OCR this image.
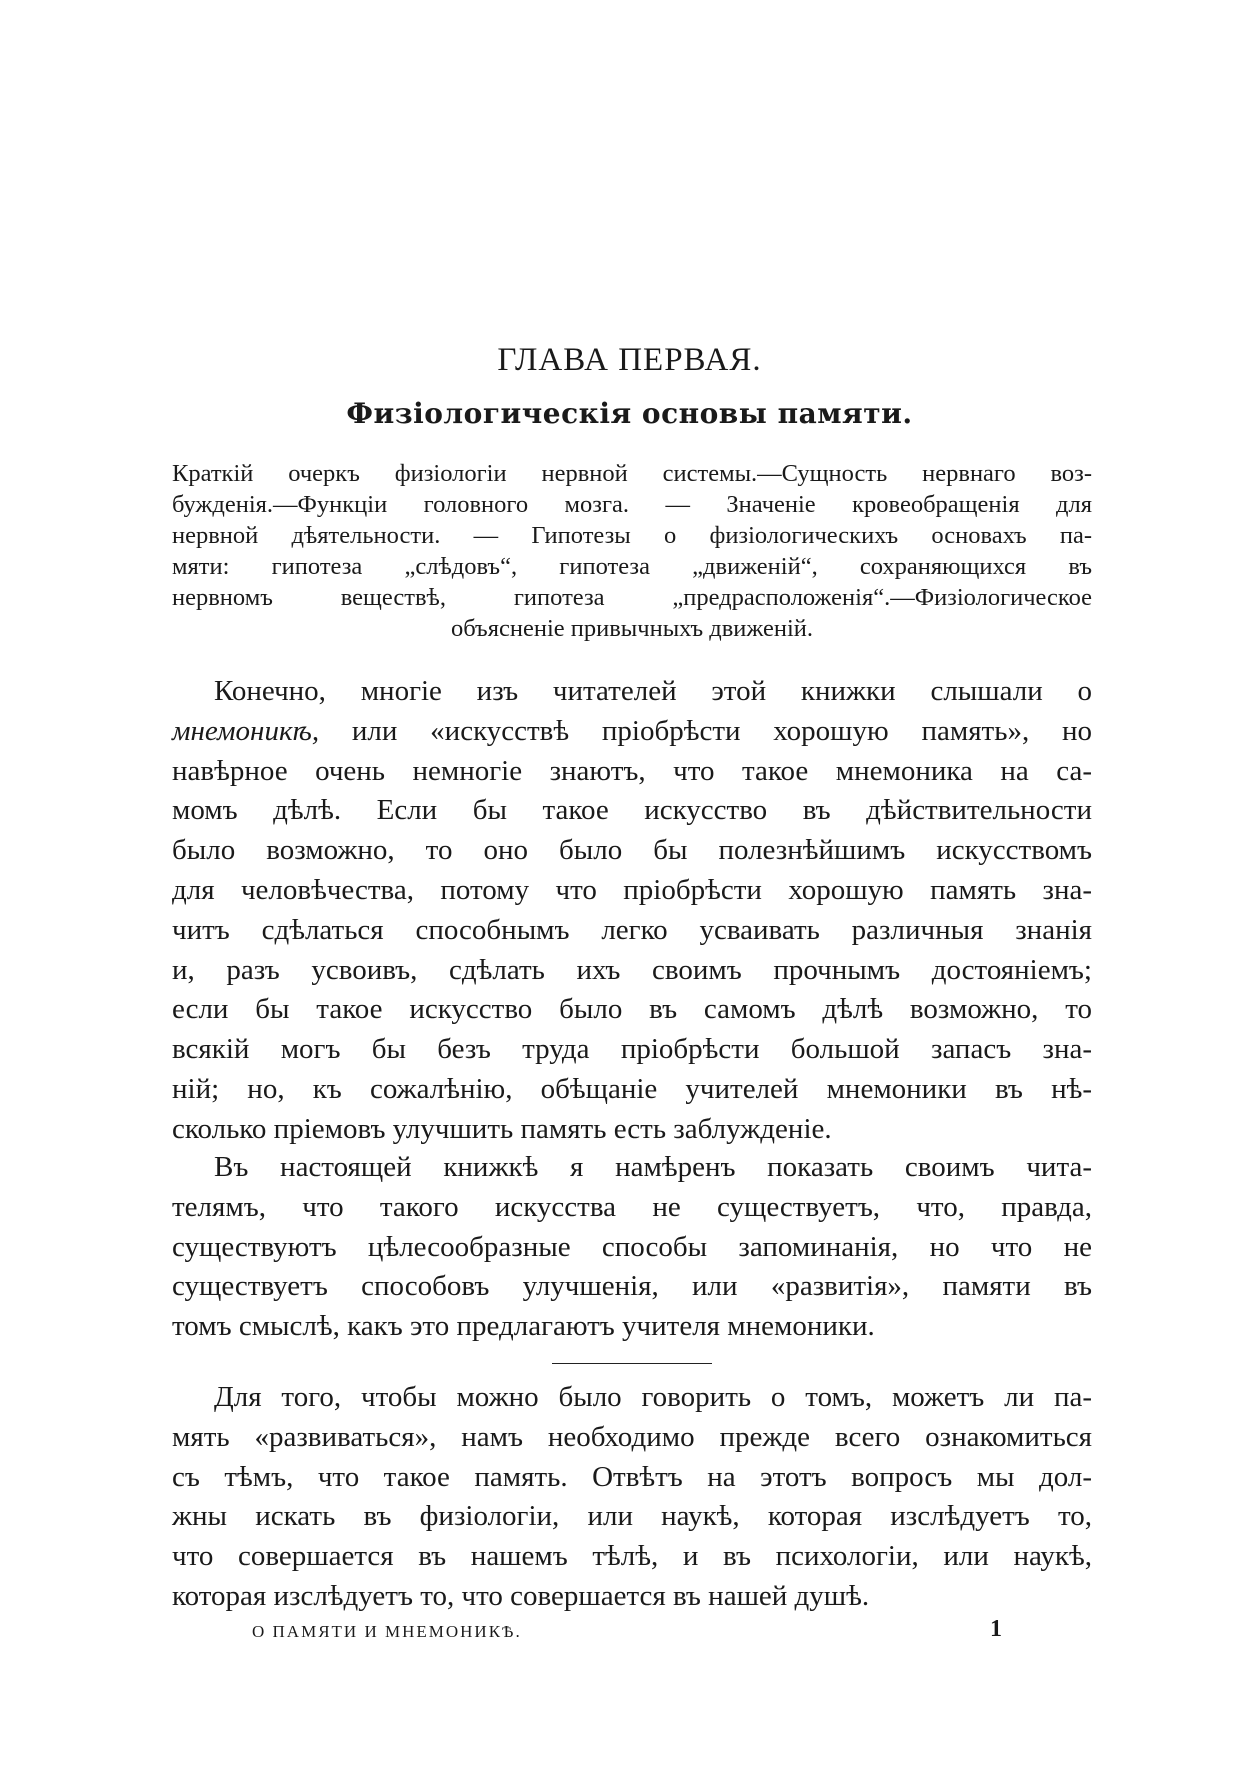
ГЛАВА ПЕРВАЯ.
Физiологическiя основы памяти.
Краткiй очеркъ физiологiи нервной системы.—Сущность нервнаго воз-
бужденiя.—Функцiи головного мозга. — Значенiе кровеобращенiя для
нервной дѣятельности. — Гипотезы о физiологическихъ основахъ па-
мяти: гипотеза „слѣдовъ“, гипотеза „движенiй“, сохраняющихся въ
нервномъ веществѣ, гипотеза „предрасположенiя“.—Физiологическое
объясненiе привычныхъ движенiй.
Конечно, многiе изъ читателей этой книжки слышали о
мнемоникѣ, или «искусствѣ прiобрѣсти хорошую память», но
навѣрное очень немногiе знаютъ, что такое мнемоника на са-
момъ дѣлѣ. Если бы такое искусство въ дѣйствительности
было возможно, то оно было бы полезнѣйшимъ искусствомъ
для человѣчества, потому что прiобрѣсти хорошую память зна-
читъ сдѣлаться способнымъ легко усваивать различныя знанiя
и, разъ усвоивъ, сдѣлать ихъ своимъ прочнымъ достоянiемъ;
если бы такое искусство было въ самомъ дѣлѣ возможно, то
всякiй могъ бы безъ труда прiобрѣсти большой запасъ зна-
нiй; но, къ сожалѣнiю, обѣщанiе учителей мнемоники въ нѣ-
сколько прiемовъ улучшить память есть заблужденiе.
Въ настоящей книжкѣ я намѣренъ показать своимъ чита-
телямъ, что такого искусства не существуетъ, что, правда,
существуютъ цѣлесообразные способы запоминанiя, но что не
существуетъ способовъ улучшенiя, или «развитiя», памяти въ
томъ смыслѣ, какъ это предлагаютъ учителя мнемоники.
Для того, чтобы можно было говорить о томъ, можетъ ли па-
мять «развиваться», намъ необходимо прежде всего ознакомиться
съ тѣмъ, что такое память. Отвѣтъ на этотъ вопросъ мы дол-
жны искать въ физiологiи, или наукѣ, которая изслѣдуетъ то,
что совершается въ нашемъ тѣлѣ, и въ психологiи, или наукѣ,
которая изслѣдуетъ то, что совершается въ нашей душѣ.
О ПАМЯТИ И МНЕМОНИКѢ.	1
